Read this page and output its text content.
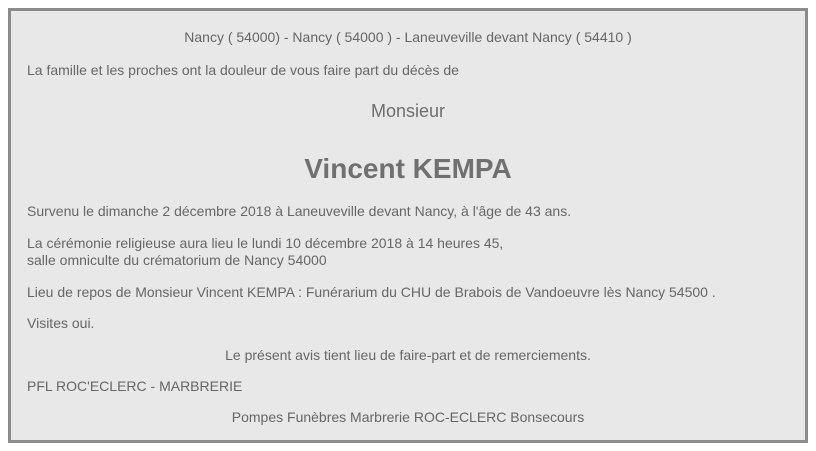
Nancy ( 54000) - Nancy ( 54000 ) - Laneuveville devant Nancy ( 54410 )
La famille et les proches ont la douleur de vous faire part du décès de
Monsieur
Vincent KEMPA
Survenu le dimanche 2 décembre 2018 à Laneuveville devant Nancy, à l'âge de 43 ans.
La cérémonie religieuse aura lieu le lundi 10 décembre 2018 à 14 heures 45,
salle omniculte du crématorium de Nancy 54000
Lieu de repos de Monsieur Vincent KEMPA : Funérarium du CHU de Brabois de Vandoeuvre lès Nancy 54500 .
Visites oui.
Le présent avis tient lieu de faire-part et de remerciements.
PFL ROC'ECLERC - MARBRERIE
Pompes Funèbres Marbrerie ROC-ECLERC Bonsecours
